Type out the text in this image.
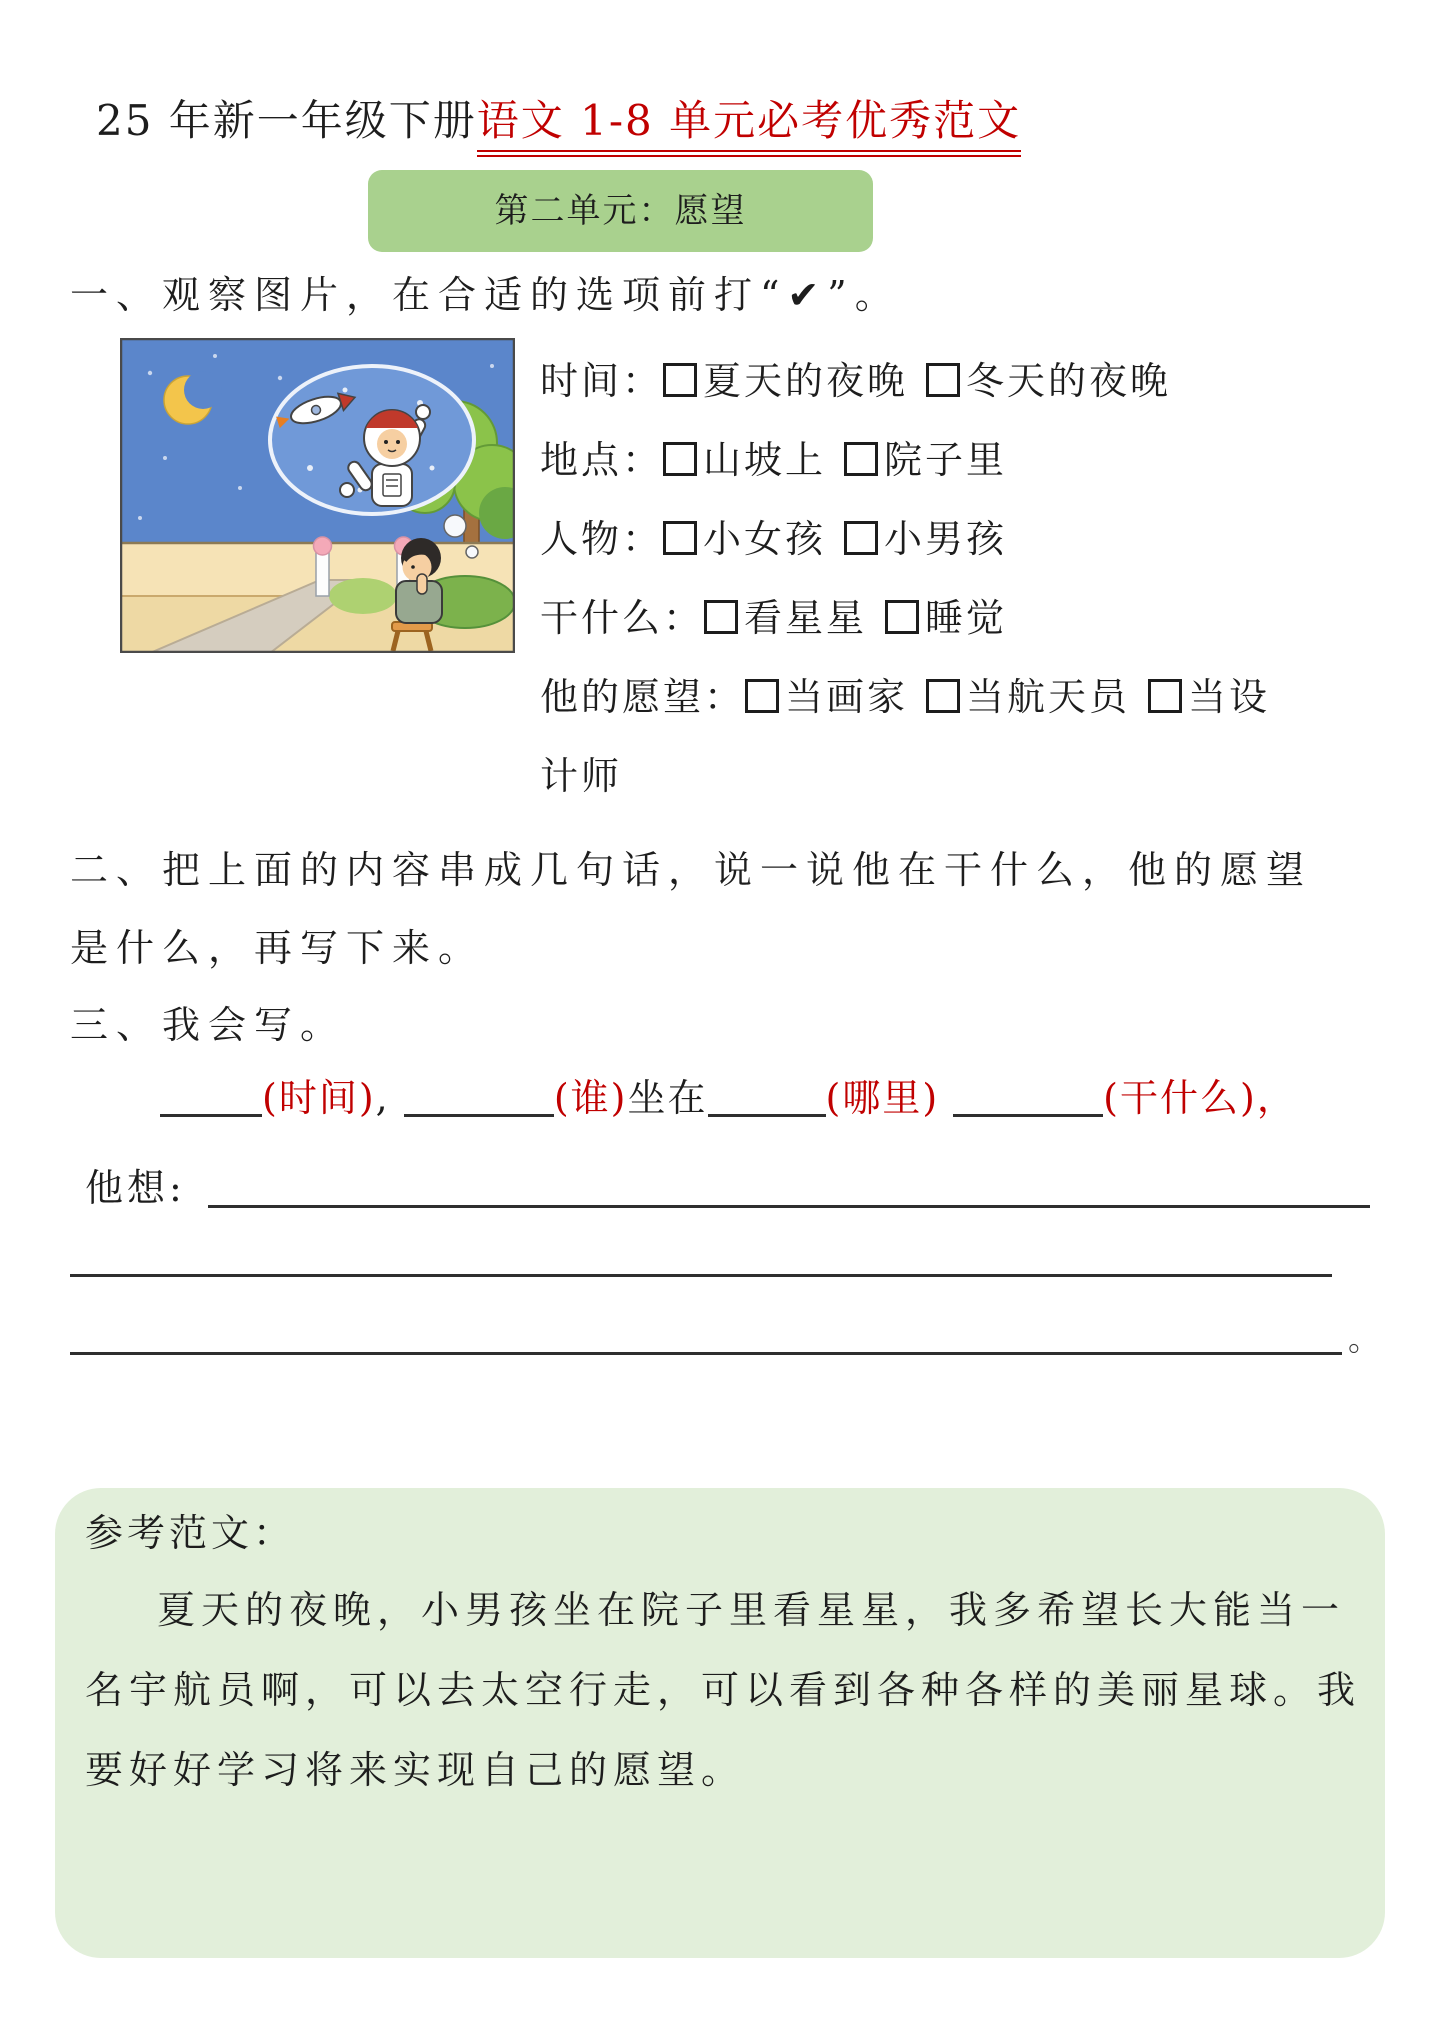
25 年新一年级下册语文 1-8 单元必考优秀范文
第二单元：愿望
一、观察图片，在合适的选项前打“✔”。
时间： 夏天的夜晚 冬天的夜晚
地点： 山坡上 院子里
人物： 小女孩 小男孩
干什么： 看星星 睡觉
他的愿望： 当画家 当航天员 当设
计师
二、把上面的内容串成几句话，说一说他在干什么，他的愿望
是什么，再写下来。
三、我会写。
(时间),	(谁)坐在	(哪里)	(干什么)，
他想:
。
参考范文：
夏天的夜晚，小男孩坐在院子里看星星，我多希望长大能当一
名宇航员啊，可以去太空行走，可以看到各种各样的美丽星球。我
要好好学习将来实现自己的愿望。
